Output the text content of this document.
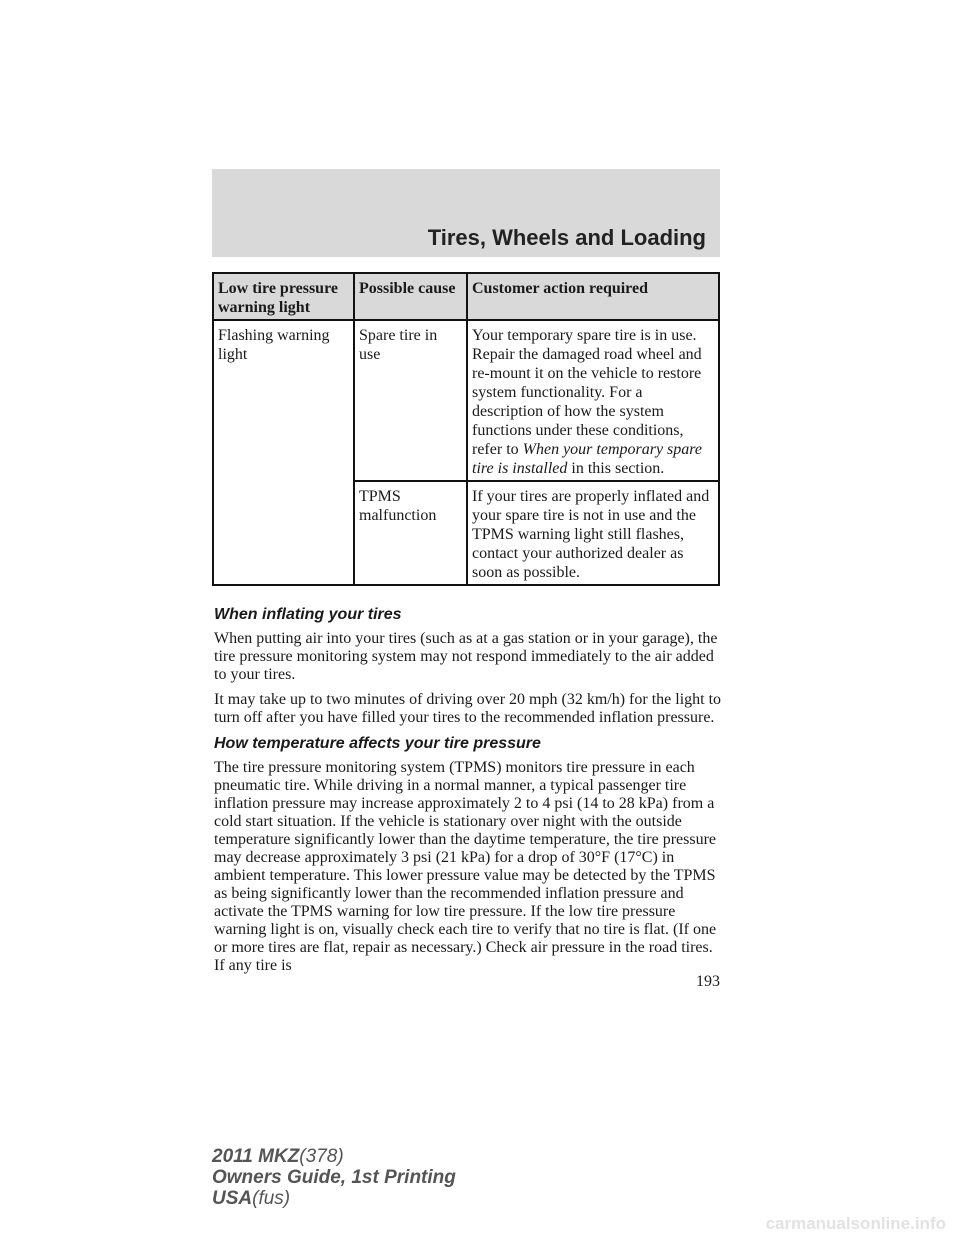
Tires, Wheels and Loading
Low tire pressure warning light	Possible cause	Customer action required
Flashing warning light	Spare tire in use	Your temporary spare tire is in use. Repair the damaged road wheel and re-mount it on the vehicle to restore system functionality. For a description of how the system functions under these conditions, refer to When your temporary spare tire is installed in this section.
	TPMS malfunction	If your tires are properly inflated and your spare tire is not in use and the TPMS warning light still flashes, contact your authorized dealer as soon as possible.
When inflating your tires

When putting air into your tires (such as at a gas station or in your garage), the tire pressure monitoring system may not respond immediately to the air added to your tires.

It may take up to two minutes of driving over 20 mph (32 km/h) for the light to turn off after you have filled your tires to the recommended inflation pressure.

How temperature affects your tire pressure

The tire pressure monitoring system (TPMS) monitors tire pressure in each pneumatic tire. While driving in a normal manner, a typical passenger tire inflation pressure may increase approximately 2 to 4 psi (14 to 28 kPa) from a cold start situation. If the vehicle is stationary over night with the outside temperature significantly lower than the daytime temperature, the tire pressure may decrease approximately 3 psi (21 kPa) for a drop of 30°F (17°C) in ambient temperature. This lower pressure value may be detected by the TPMS as being significantly lower than the recommended inflation pressure and activate the TPMS warning for low tire pressure. If the low tire pressure warning light is on, visually check each tire to verify that no tire is flat. (If one or more tires are flat, repair as necessary.) Check air pressure in the road tires. If any tire is

193
2011 MKZ(378)
Owners Guide, 1st Printing
USA(fus)
carmanualsonline.info
